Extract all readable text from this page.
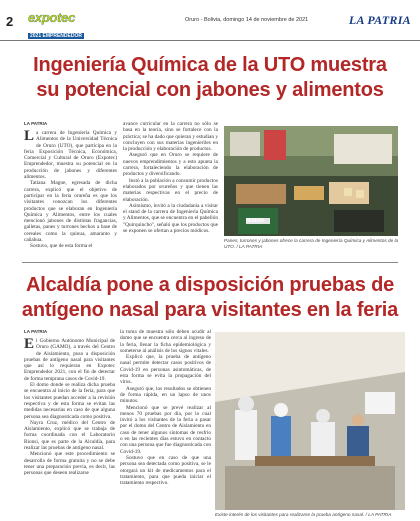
2 expotec
2021 EMPRENDEDOR
Oruro - Bolivia, domingo 14 de noviembre de 2021	LA PATRIA
Ingeniería Química de la UTO muestra
su potencial con jabones y alimentos
LA PATRIA

La carrera de Ingeniería Química y Alimentos de la Universidad Técnica de Oruro (UTO), que participa en la feria Exposición Técnica, Económica, Comercial y Cultural de Oruro (Expotec) Emprendedor, muestra su potencial en la producción de jabones y diferentes alimentos.

Tatiana Magne, egresada de dicha carrera, explicó que el objetivo de participar en la feria orureña es que los visitantes conozcan los diferentes productos que se elaboran en Ingeniería Química y Alimentos, entre los cuales mencionó jabones de distintas fragancias, galletas, panes y turrones hechos a base de cereales como la quinua, amaranto y cañahua.

Sostuvo, que de esta forma el

avance curricular en la carrera no sólo se basa en la teoría, sino se fortalece con la práctica; se ha dado que quieran y estudian y concluyen con sus materias ingenieriles en la producción y elaboración de productos.

Aseguró que en Oruro se requiere de nuevos emprendimientos y a esto apunta la carrera, fortaleciendo la elaboración de productos y diversificando.

Instó a la población a consumir productos elaborados por orureños y que tienen las materias respectivas en el precio de elaboración.

Asimismo, invitó a la ciudadanía a visitar el stand de la carrera de Ingeniería Química y Alimentos, que se encuentra en el pabellón "Quirquincho", señaló que los productos que se exponen se ofertan a precios módicos.

MISION
Panes, turrones y jabones ofrece la carrera de Ingeniería Química y Alimentos de la UTO. / LA PATRIA
Alcaldía pone a disposición pruebas de
antígeno nasal para visitantes en la feria
LA PATRIA

El Gobierno Autónomo Municipal de Oruro (GAMO), a través del Centro de Aislamiento, puso a disposición pruebas de antígeno nasal para visitantes que así lo requieran en Expotec Emprendedor 2021, con el fin de detectar de forma temprana casos de Covid-19.

El domo donde se realiza dicha prueba se encuentra al inicio de la feria, para que los visitantes puedan acceder a la revisión respectiva y de esta forma se evitan las medidas necesarias en caso de que alguna persona sea diagnosticada como positiva.

Nayra Cruz, médico del Centro de Aislamiento, explicó que se trabaja de forma coordinada con el Laboratorio Bionsi, que es parte de la Alcaldía, para realizar las pruebas de antígeno nasal.

Mencionó que este procedimiento se desarrolla de forma gratuita y no se debe tener una preparación previa, es decir, las personas que deseen realizarse

la toma de muestra sólo deben acudir al domo que se encuentra cerca al ingreso de la feria, llenar la ficha epidemiológica y someterse al análisis de los signos vitales.

Explicó que, la prueba de antígeno nasal permite detectar casos positivos de Covid-19 en personas asintomáticas, de esta forma se evita la propagación del virus.

Aseguró que, los resultados se obtienen de forma rápida, en un lapso de unos minutos.

Mencionó que se prevé realizar al menos 70 pruebas por día, por lo cual invitó a los visitantes de la feria a pasar por el domo del Centro de Aislamiento en caso de tener algunos síntomas de resfrío o en las recientes días estuvo en contacto con una persona que fue diagnosticada con Covid-19.

Sostuvo que en caso de que una persona sea detectada como positiva, se le otorgará un kit de medicamentos para el tratamiento, para que pueda iniciar el tratamiento respectivo.

Existe interés de los visitantes para realizarse la prueba antígeno nasal. / LA PATRIA
